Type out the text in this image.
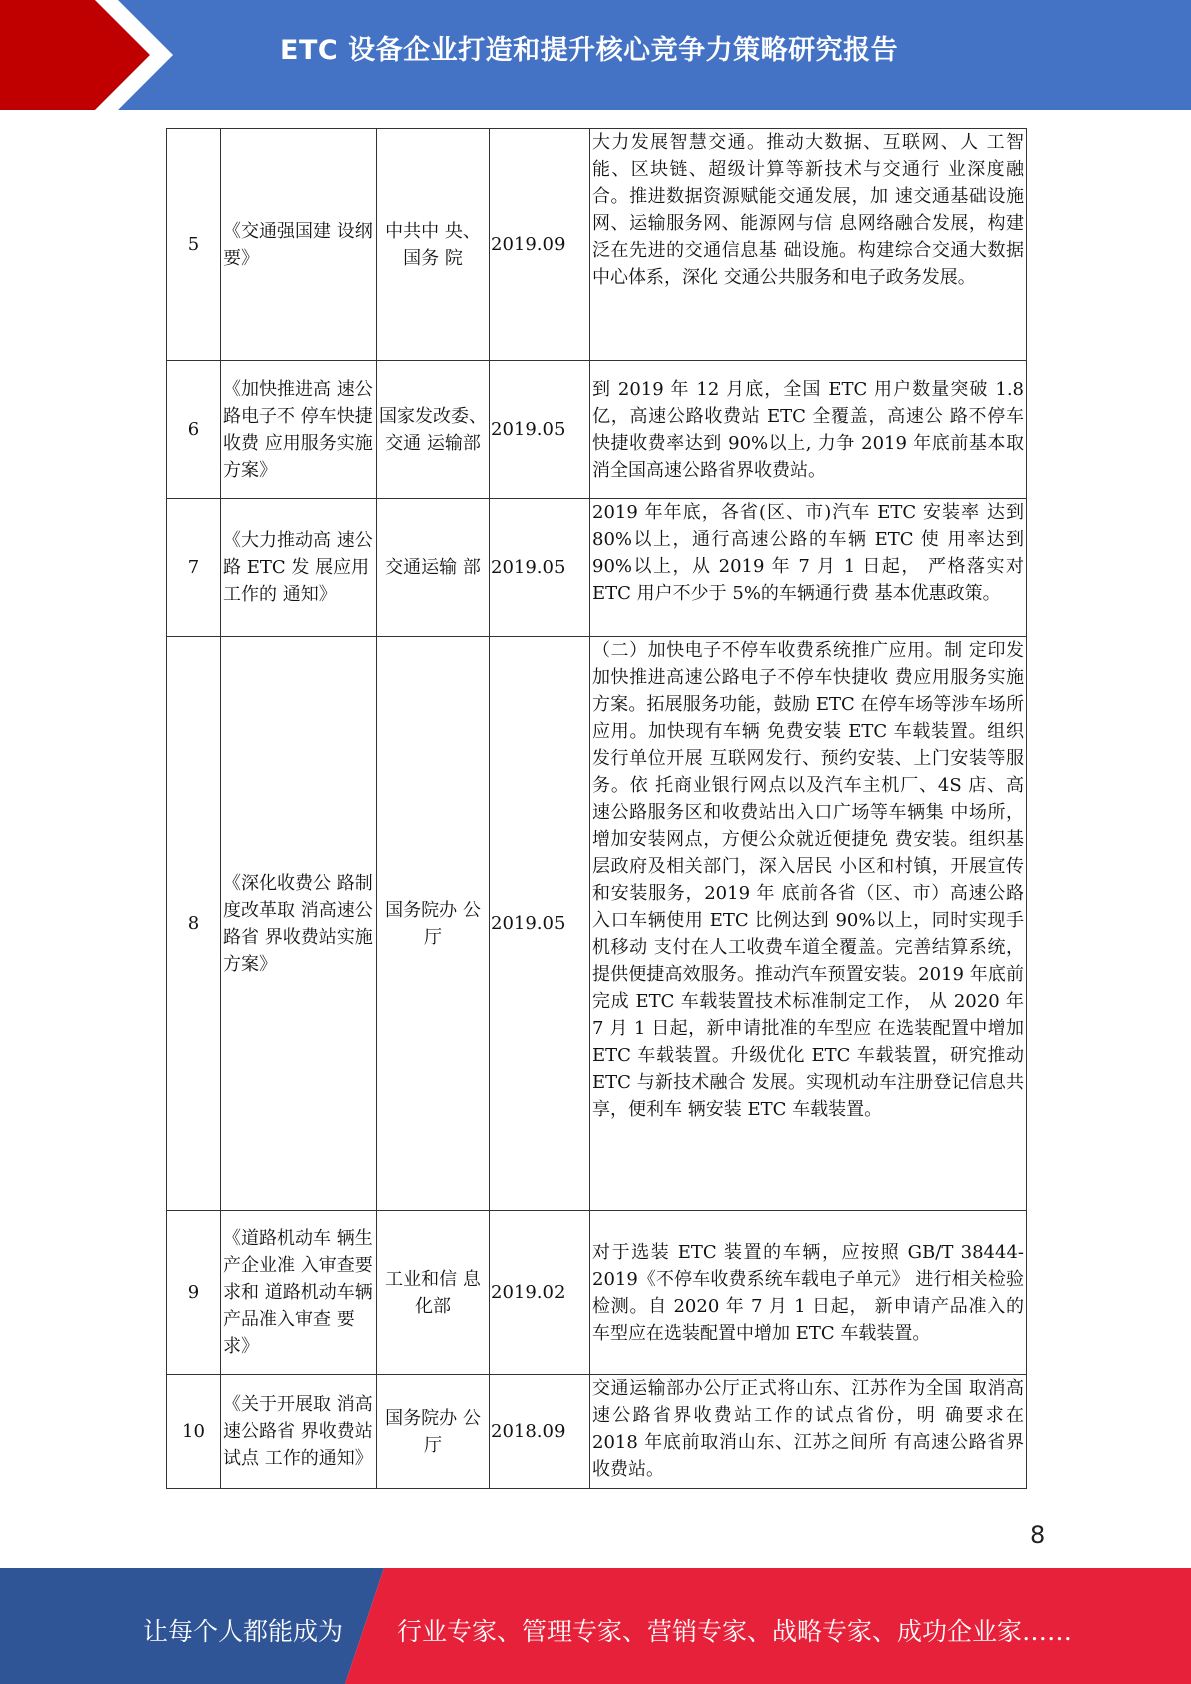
ETC 设备企业打造和提升核心竞争力策略研究报告
5	《交通强国建 设纲要》	中共中 央、国务 院	2019.09	大力发展智慧交通。推动大数据、互联网、人 工智能、区块链、超级计算等新技术与交通行 业深度融合。推进数据资源赋能交通发展，加 速交通基础设施网、运输服务网、能源网与信 息网络融合发展，构建泛在先进的交通信息基 础设施。构建综合交通大数据中心体系，深化 交通公共服务和电子政务发展。
6	《加快推进高 速公路电子不 停车快捷收费 应用服务实施 方案》	国家发改委、交通 运输部	2019.05	到 2019 年 12 月底，全国 ETC 用户数量突破 1.8 亿，高速公路收费站 ETC 全覆盖，高速公 路不停车快捷收费率达到 90%以上, 力争 2019 年底前基本取消全国高速公路省界收费站。
7	《大力推动高 速公路 ETC 发 展应用工作的 通知》	交通运输 部	2019.05	2019 年年底，各省(区、市)汽车 ETC 安装率 达到 80%以上，通行高速公路的车辆 ETC 使 用率达到 90%以上，从 2019 年 7 月 1 日起， 严格落实对 ETC 用户不少于 5%的车辆通行费 基本优惠政策。
8	《深化收费公 路制度改革取 消高速公路省 界收费站实施 方案》	国务院办 公厅	2019.05	（二）加快电子不停车收费系统推广应用。制 定印发加快推进高速公路电子不停车快捷收 费应用服务实施方案。拓展服务功能，鼓励 ETC 在停车场等涉车场所应用。加快现有车辆 免费安装 ETC 车载装置。组织发行单位开展 互联网发行、预约安装、上门安装等服务。依 托商业银行网点以及汽车主机厂、4S 店、高 速公路服务区和收费站出入口广场等车辆集 中场所，增加安装网点，方便公众就近便捷免 费安装。组织基层政府及相关部门，深入居民 小区和村镇，开展宣传和安装服务，2019 年 底前各省（区、市）高速公路入口车辆使用 ETC 比例达到 90%以上，同时实现手机移动 支付在人工收费车道全覆盖。完善结算系统，提供便捷高效服务。推动汽车预置安装。2019 年底前完成 ETC 车载装置技术标准制定工作， 从 2020 年 7 月 1 日起，新申请批准的车型应 在选装配置中增加 ETC 车载装置。升级优化 ETC 车载装置，研究推动 ETC 与新技术融合 发展。实现机动车注册登记信息共享，便利车 辆安装 ETC 车载装置。
9	《道路机动车 辆生产企业准 入审查要求和 道路机动车辆 产品准入审查 要求》	工业和信 息化部	2019.02	对于选装 ETC 装置的车辆，应按照 GB/T 38444-2019《不停车收费系统车载电子单元》 进行相关检验检测。自 2020 年 7 月 1 日起， 新申请产品准入的车型应在选装配置中增加 ETC 车载装置。
10	《关于开展取 消高速公路省 界收费站试点 工作的通知》	国务院办 公厅	2018.09	交通运输部办公厅正式将山东、江苏作为全国 取消高速公路省界收费站工作的试点省份，明 确要求在 2018 年底前取消山东、江苏之间所 有高速公路省界收费站。
8
让每个人都能成为 行业专家、管理专家、营销专家、战略专家、成功企业家……
